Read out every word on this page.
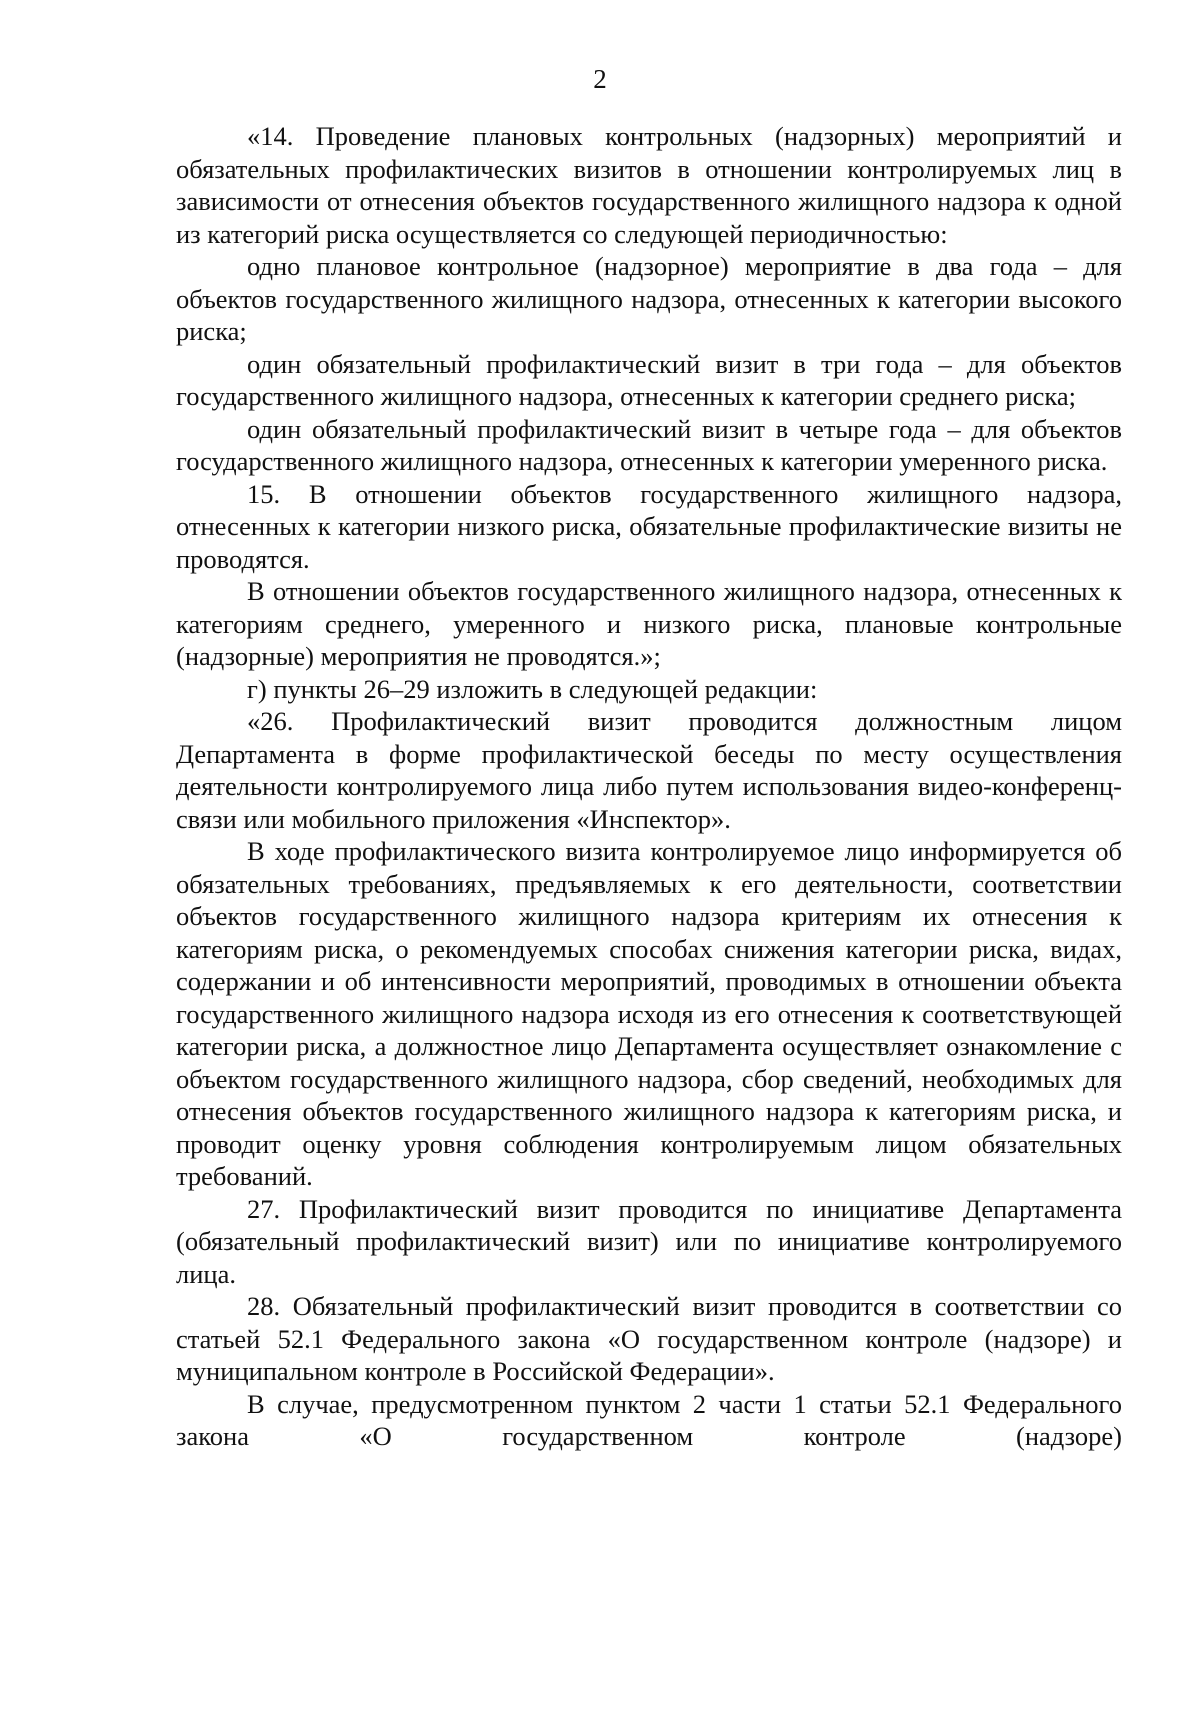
2

«14. Проведение плановых контрольных (надзорных) мероприятий и обязательных профилактических визитов в отношении контролируемых лиц в зависимости от отнесения объектов государственного жилищного надзора к одной из категорий риска осуществляется со следующей периодичностью:

одно плановое контрольное (надзорное) мероприятие в два года – для объектов государственного жилищного надзора, отнесенных к категории высокого риска;

один обязательный профилактический визит в три года – для объектов государственного жилищного надзора, отнесенных к категории среднего риска;

один обязательный профилактический визит в четыре года – для объектов государственного жилищного надзора, отнесенных к категории умеренного риска.

15. В отношении объектов государственного жилищного надзора, отнесенных к категории низкого риска, обязательные профилактические визиты не проводятся.

В отношении объектов государственного жилищного надзора, отнесенных к категориям среднего, умеренного и низкого риска, плановые контрольные (надзорные) мероприятия не проводятся.»;

г) пункты 26–29 изложить в следующей редакции:

«26. Профилактический визит проводится должностным лицом Департамента в форме профилактической беседы по месту осуществления деятельности контролируемого лица либо путем использования видео-конференц-связи или мобильного приложения «Инспектор».

В ходе профилактического визита контролируемое лицо информируется об обязательных требованиях, предъявляемых к его деятельности, соответствии объектов государственного жилищного надзора критериям их отнесения к категориям риска, о рекомендуемых способах снижения категории риска, видах, содержании и об интенсивности мероприятий, проводимых в отношении объекта государственного жилищного надзора исходя из его отнесения к соответствующей категории риска, а должностное лицо Департамента осуществляет ознакомление с объектом государственного жилищного надзора, сбор сведений, необходимых для отнесения объектов государственного жилищного надзора к категориям риска, и проводит оценку уровня соблюдения контролируемым лицом обязательных требований.

27. Профилактический визит проводится по инициативе Департамента (обязательный профилактический визит) или по инициативе контролируемого лица.

28. Обязательный профилактический визит проводится в соответствии со статьей 52.1 Федерального закона «О государственном контроле (надзоре) и муниципальном контроле в Российской Федерации».

В случае, предусмотренном пунктом 2 части 1 статьи 52.1 Федерального закона «О государственном контроле (надзоре)
